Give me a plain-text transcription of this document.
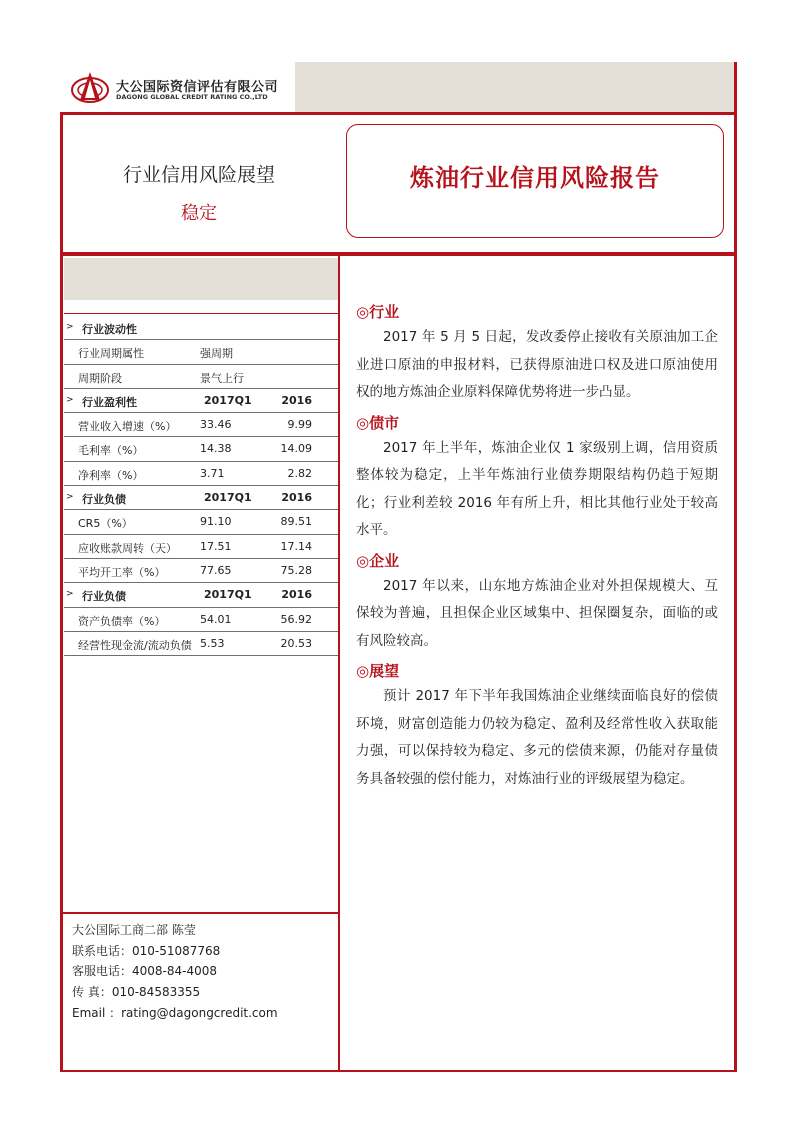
大公国际资信评估有限公司
DAGONG GLOBAL CREDIT RATING CO.,LTD
行业信用风险展望
稳定
炼油行业信用风险报告
> 行业波动性
行业周期属性	强周期
周期阶段	景气上行
> 行业盈利性	2017Q1	2016
营业收入增速（%） 33.46	9.99
毛利率（%）	14.38	14.09
净利率（%）	3.71	2.82
> 行业负债	2017Q1	2016
CR5（%）	91.10	89.51
应收账款周转（天） 17.51	17.14
平均开工率（%）	77.65	75.28
> 行业负债	2017Q1	2016
资产负债率（%）	54.01	56.92
经营性现金流/流动负债 5.53	20.53
大公国际工商二部 陈莹
联系电话：010-51087768
客服电话：4008-84-4008
传 真：010-84583355
Email ：rating@dagongcredit.com
◎行业

2017 年 5 月 5 日起，发改委停止接收有关原油加工企业进口原油的申报材料，已获得原油进口权及进口原油使用权的地方炼油企业原料保障优势将进一步凸显。

◎债市

2017 年上半年，炼油企业仅 1 家级别上调，信用资质整体较为稳定，上半年炼油行业债券期限结构仍趋于短期化；行业利差较 2016 年有所上升，相比其他行业处于较高水平。

◎企业

2017 年以来，山东地方炼油企业对外担保规模大、互保较为普遍，且担保企业区域集中、担保圈复杂，面临的或有风险较高。

◎展望

预计 2017 年下半年我国炼油企业继续面临良好的偿债环境，财富创造能力仍较为稳定、盈利及经常性收入获取能力强，可以保持较为稳定、多元的偿债来源，仍能对存量债务具备较强的偿付能力，对炼油行业的评级展望为稳定。
